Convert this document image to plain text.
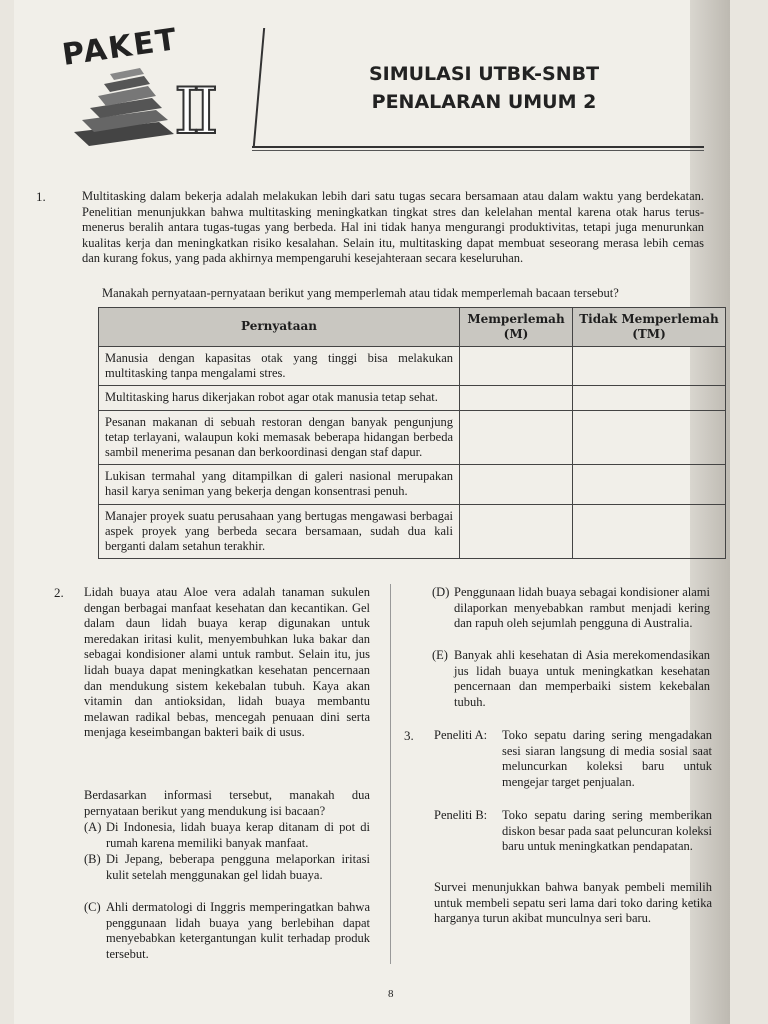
PAKET
II
SIMULASI UTBK-SNBT
PENALARAN UMUM 2
1.	Multitasking dalam bekerja adalah melakukan lebih dari satu tugas secara bersamaan atau dalam waktu yang berdekatan. Penelitian menunjukkan bahwa multitasking meningkatkan tingkat stres dan kelelahan mental karena otak harus terus-menerus beralih antara tugas-tugas yang berbeda. Hal ini tidak hanya mengurangi produktivitas, tetapi juga menurunkan kualitas kerja dan meningkatkan risiko kesalahan. Selain itu, multitasking dapat membuat seseorang merasa lebih cemas dan kurang fokus, yang pada akhirnya mempengaruhi kesejahteraan secara keseluruhan.
Manakah pernyataan-pernyataan berikut yang memperlemah atau tidak memperlemah bacaan tersebut?
Pernyataan	Memperlemah (M)	Tidak Memperlemah (TM)
Manusia dengan kapasitas otak yang tinggi bisa melakukan multitasking tanpa mengalami stres.		
Multitasking harus dikerjakan robot agar otak manusia tetap sehat.		
Pesanan makanan di sebuah restoran dengan banyak pengunjung tetap terlayani, walaupun koki memasak beberapa hidangan berbeda sambil menerima pesanan dan berkoordinasi dengan staf dapur.		
Lukisan termahal yang ditampilkan di galeri nasional merupakan hasil karya seniman yang bekerja dengan konsentrasi penuh.		
Manajer proyek suatu perusahaan yang bertugas mengawasi berbagai aspek proyek yang berbeda secara bersamaan, sudah dua kali berganti dalam setahun terakhir.		
2. Lidah buaya atau Aloe vera adalah tanaman sukulen dengan berbagai manfaat kesehatan dan kecantikan. Gel dalam daun lidah buaya kerap digunakan untuk meredakan iritasi kulit, menyembuhkan luka bakar dan sebagai kondisioner alami untuk rambut. Selain itu, jus lidah buaya dapat meningkatkan kesehatan pencernaan dan mendukung sistem kekebalan tubuh. Kaya akan vitamin dan antioksidan, lidah buaya membantu melawan radikal bebas, mencegah penuaan dini serta menjaga keseimbangan bakteri baik di usus.
Berdasarkan informasi tersebut, manakah dua pernyataan berikut yang mendukung isi bacaan?
(A) Di Indonesia, lidah buaya kerap ditanam di pot di rumah karena memiliki banyak manfaat.
(B) Di Jepang, beberapa pengguna melaporkan iritasi kulit setelah menggunakan gel lidah buaya.
(C) Ahli dermatologi di Inggris memperingatkan bahwa penggunaan lidah buaya yang berlebihan dapat menyebabkan ketergantungan kulit terhadap produk tersebut.
(D) Penggunaan lidah buaya sebagai kondisioner alami dilaporkan menyebabkan rambut menjadi kering dan rapuh oleh sejumlah pengguna di Australia.
(E) Banyak ahli kesehatan di Asia merekomendasikan jus lidah buaya untuk meningkatkan kesehatan pencernaan dan memperbaiki sistem kekebalan tubuh.
3. Peneliti A: Toko sepatu daring sering mengadakan sesi siaran langsung di media sosial saat meluncurkan koleksi baru untuk mengejar target penjualan.
Peneliti B: Toko sepatu daring sering memberikan diskon besar pada saat peluncuran koleksi baru untuk meningkatkan pendapatan.
Survei menunjukkan bahwa banyak pembeli memilih untuk membeli sepatu seri lama dari toko daring ketika harganya turun akibat munculnya seri baru.
8
